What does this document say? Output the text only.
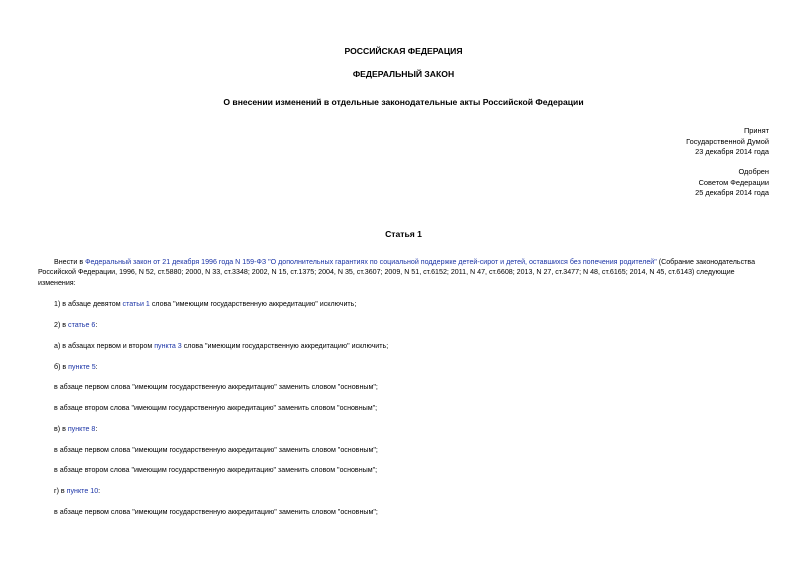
РОССИЙСКАЯ ФЕДЕРАЦИЯ
ФЕДЕРАЛЬНЫЙ ЗАКОН
О внесении изменений в отдельные законодательные акты Российской Федерации
Принят
Государственной Думой
23 декабря 2014 года
Одобрен
Советом Федерации
25 декабря 2014 года
Статья 1
Внести в Федеральный закон от 21 декабря 1996 года N 159-ФЗ "О дополнительных гарантиях по социальной поддержке детей-сирот и детей, оставшихся без попечения родителей" (Собрание законодательства Российской Федерации, 1996, N 52, ст.5880; 2000, N 33, ст.3348; 2002, N 15, ст.1375; 2004, N 35, ст.3607; 2009, N 51, ст.6152; 2011, N 47, ст.6608; 2013, N 27, ст.3477; N 48, ст.6165; 2014, N 45, ст.6143) следующие изменения:
1) в абзаце девятом статьи 1 слова "имеющим государственную аккредитацию" исключить;
2) в статье 6:
а) в абзацах первом и втором пункта 3 слова "имеющим государственную аккредитацию" исключить;
б) в пункте 5:
в абзаце первом слова "имеющим государственную аккредитацию" заменить словом "основным";
в абзаце втором слова "имеющим государственную аккредитацию" заменить словом "основным";
в) в пункте 8:
в абзаце первом слова "имеющим государственную аккредитацию" заменить словом "основным";
в абзаце втором слова "имеющим государственную аккредитацию" заменить словом "основным";
г) в пункте 10:
в абзаце первом слова "имеющим государственную аккредитацию" заменить словом "основным";
